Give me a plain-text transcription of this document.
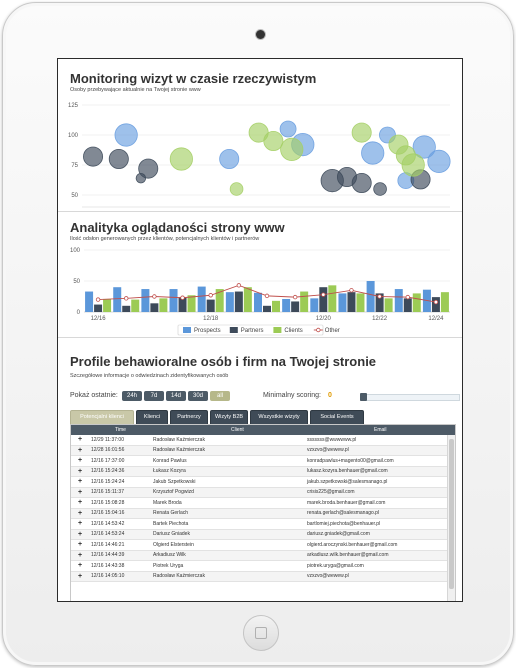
Monitoring wizyt w czasie rzeczywistym
Osoby przebywające aktualnie na Twojej stronie www
50
75
100
125
Analityka oglądaności strony www
Ilość odsłon generowanych przez klientów, potencjalnych klientów i partnerów
0
50
100
12/16	12/18	12/20	12/22	12/24
Prospects	Partners	Clients	Other
Profile behawioralne osób i firm na Twojej stronie
Szczegółowe informacje o odwiedzinach zidentyfikowanych osób
Pokaż ostatnie:	24h	7d	14d	30d	all	Minimalny scoring: 0
Potencjalni klienci	Klienci	Partnerzy	Wizyty B2B	Wszystkie wizyty	Social Events
Time	Client	Email
+	12/29 11:37:00	Radosław Kaźmierczak	sssssss@wwwwww.pl
+	12/28 16:01:56	Radosław Kaźmierczak	vzxzvo@wewew.pl
+	12/16 17:37:00	Konrad Pawlus	konradpawlus+magento00@gmail.com
+	12/16 15:24:36	Łukasz Kozyra	lukasz.kozyra.benhauer@gmail.com
+	12/16 15:24:24	Jakub Szpetkowski	jakub.szpetkowski@salesmanago.pl
+	12/16 15:11:37	Krzysztof Pogwizd	crisis225@gmail.com
+	12/16 15:08:28	Marek Broda	marek.broda.benhauer@gmail.com
+	12/16 15:04:16	Renata Gerlach	renata.gerlach@salesmanago.pl
+	12/16 14:53:42	Bartek Piechota	bartlomiej.piechota@benhauer.pl
+	12/16 14:53:24	Dariusz Gniadek	dariusz.gniadek@gmail.com
+	12/16 14:46:21	Olgierd Elsterstein	olgierd.aroczynski.benhauer@gmail.com
+	12/16 14:44:39	Arkadiusz Wilk	arkadiusz.wilk.benhauer@gmail.com
+	12/16 14:43:38	Piotrek Uryga	piotrek.uryga@gmail.com
+	12/16 14:05:10	Radosław Kaźmierczak	vzxzvo@wewew.pl
